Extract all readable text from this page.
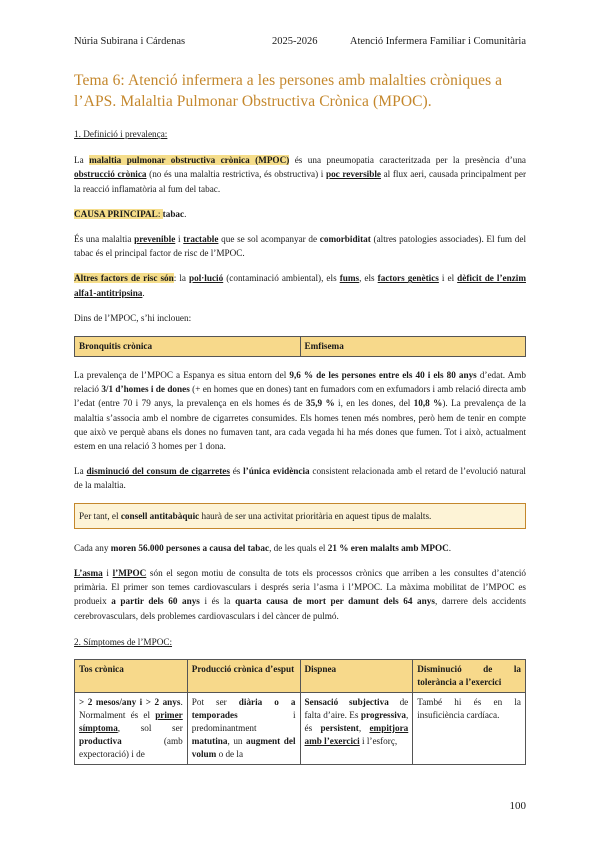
Núria Subirana i Cárdenas	2025-2026	Atenció Infermera Familiar i Comunitària
Tema 6: Atenció infermera a les persones amb malalties cròniques a l’APS. Malaltia Pulmonar Obstructiva Crònica (MPOC).

1. Definició i prevalença:

La malaltia pulmonar obstructiva crònica (MPOC) és una pneumopatia caracteritzada per la presència d’una obstrucció crònica (no és una malaltia restrictiva, és obstructiva) i poc reversible al flux aeri, causada principalment per la reacció inflamatòria al fum del tabac.

CAUSA PRINCIPAL: tabac.

És una malaltia prevenible i tractable que se sol acompanyar de comorbiditat (altres patologies associades). El fum del tabac és el principal factor de risc de l’MPOC.

Altres factors de risc són: la pol·lució (contaminació ambiental), els fums, els factors genètics i el dèficit de l’enzim alfa1-antitripsina.

Dins de l’MPOC, s’hi inclouen:

Bronquitis crònica	Emfisema

La prevalença de l’MPOC a Espanya es situa entorn del 9,6 % de les persones entre els 40 i els 80 anys d’edat. Amb relació 3/1 d’homes i de dones (+ en homes que en dones) tant en fumadors com en exfumadors i amb relació directa amb l’edat (entre 70 i 79 anys, la prevalença en els homes és de 35,9 % i, en les dones, del 10,8 %). La prevalença de la malaltia s’associa amb el nombre de cigarretes consumides. Els homes tenen més nombres, però hem de tenir en compte que això ve perquè abans els dones no fumaven tant, ara cada vegada hi ha més dones que fumen. Tot i això, actualment estem en una relació 3 homes per 1 dona.

La disminució del consum de cigarretes és l’única evidència consistent relacionada amb el retard de l’evolució natural de la malaltia.

Per tant, el consell antitabàquic haurà de ser una activitat prioritària en aquest tipus de malalts.

Cada any moren 56.000 persones a causa del tabac, de les quals el 21 % eren malalts amb MPOC.

L’asma i l’MPOC són el segon motiu de consulta de tots els processos crònics que arriben a les consultes d’atenció primària. El primer son temes cardiovasculars i després seria l’asma i l’MPOC. La màxima mobilitat de l’MPOC es produeix a partir dels 60 anys i és la quarta causa de mort per damunt dels 64 anys, darrere dels accidents cerebrovasculars, dels problemes cardiovasculars i del càncer de pulmó.

2. Símptomes de l’MPOC:

Tos crònica	Producció crònica d’esput	Dispnea	Disminució de la tolerància a l’exercici
> 2 mesos/any i > 2 anys. Normalment és el primer símptoma, sol ser productiva (amb expectoració) i de	Pot ser diària o a temporades i predominantment matutina, un augment del volum o de la	Sensació subjectiva de falta d’aire. Es progressiva, és persistent, empitjora amb l’exercici i l’esforç,	També hi és en la insuficiència cardíaca.
100
